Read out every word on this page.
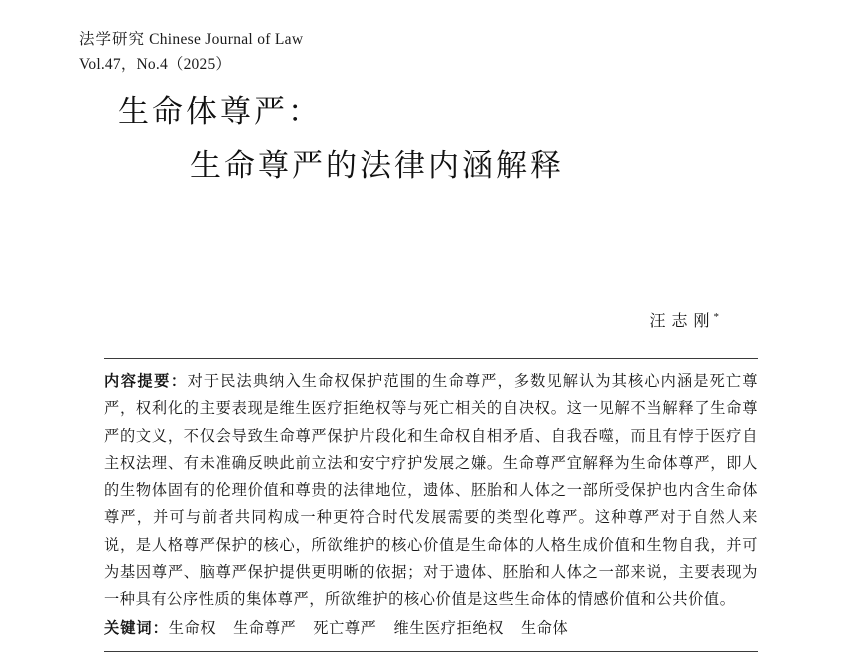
法学研究 Chinese Journal of Law
Vol.47，No.4（2025）
生命体尊严：
生命尊严的法律内涵解释
汪志刚*
内容提要：对于民法典纳入生命权保护范围的生命尊严，多数见解认为其核心内涵是死亡尊严，权利化的主要表现是维生医疗拒绝权等与死亡相关的自决权。这一见解不当解释了生命尊严的文义，不仅会导致生命尊严保护片段化和生命权自相矛盾、自我吞噬，而且有悖于医疗自主权法理、有未准确反映此前立法和安宁疗护发展之嫌。生命尊严宜解释为生命体尊严，即人的生物体固有的伦理价值和尊贵的法律地位，遗体、胚胎和人体之一部所受保护也内含生命体尊严，并可与前者共同构成一种更符合时代发展需要的类型化尊严。这种尊严对于自然人来说，是人格尊严保护的核心，所欲维护的核心价值是生命体的人格生成价值和生物自我，并可为基因尊严、脑尊严保护提供更明晰的依据；对于遗体、胚胎和人体之一部来说，主要表现为一种具有公序性质的集体尊严，所欲维护的核心价值是这些生命体的情感价值和公共价值。
关键词：生命权 生命尊严 死亡尊严 维生医疗拒绝权 生命体
